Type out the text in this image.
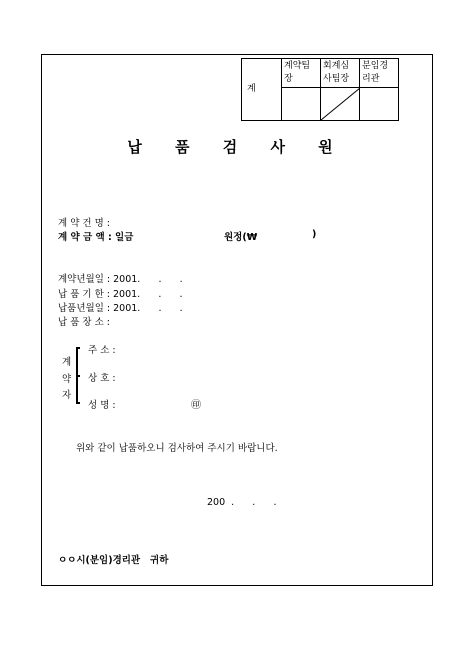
계	계약팀장	회계심사팀장	분임경리관

납 품 검 사 원
계 약 건 명 :
계 약 금 액 : 일금	원정(₩	)
계약년월일 : 2001.      .      .
납 품 기 한 : 2001.      .      .
납품년월일 : 2001.      .      .
납 품 장 소 :
계
약
자
주 소 :
상 호 :
성 명 :	㊞
위와 같이 납품하오니 검사하여 주시기 바랍니다.
200  .      .      .
ㅇㅇ시(분임)경리관   귀하
